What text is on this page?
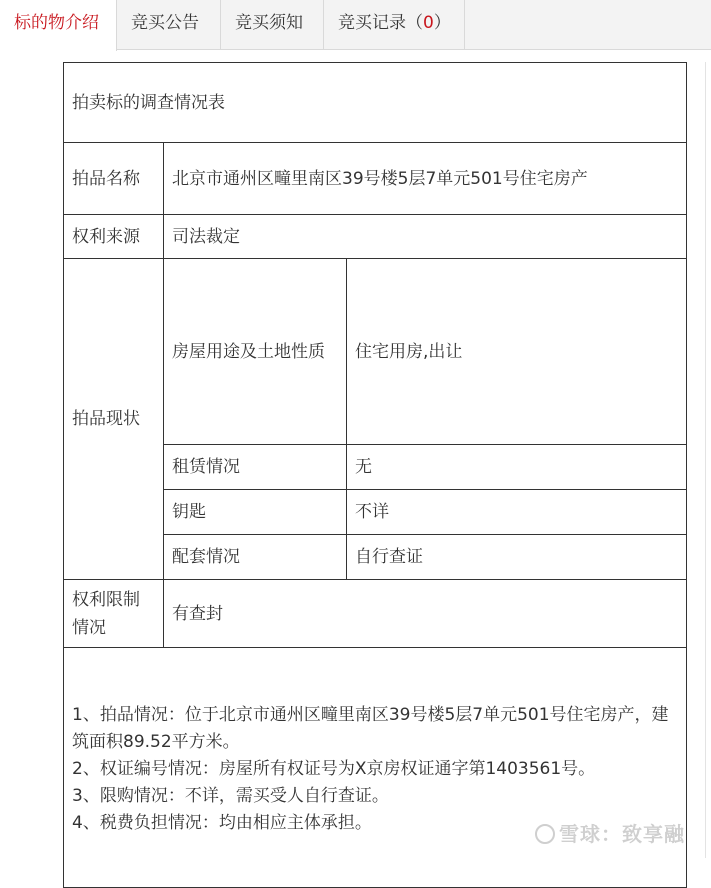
标的物介绍	竞买公告	竞买须知	竞买记录（0）
拍卖标的调查情况表		
拍品名称	北京市通州区疃里南区39号楼5层7单元501号住宅房产	
权利来源	司法裁定	
拍品现状	房屋用途及土地性质	住宅用房,出让
	租赁情况	无
	钥匙	不详
	配套情况	自行查证
权利限制情况	有查封	

1、拍品情况：位于北京市通州区疃里南区39号楼5层7单元501号住宅房产，建筑面积89.52平方米。

2、权证编号情况：房屋所有权证号为X京房权证通字第1403561号。

3、限购情况：不详，需买受人自行查证。

4、税费负担情况：均由相应主体承担。			雪球：致享融
